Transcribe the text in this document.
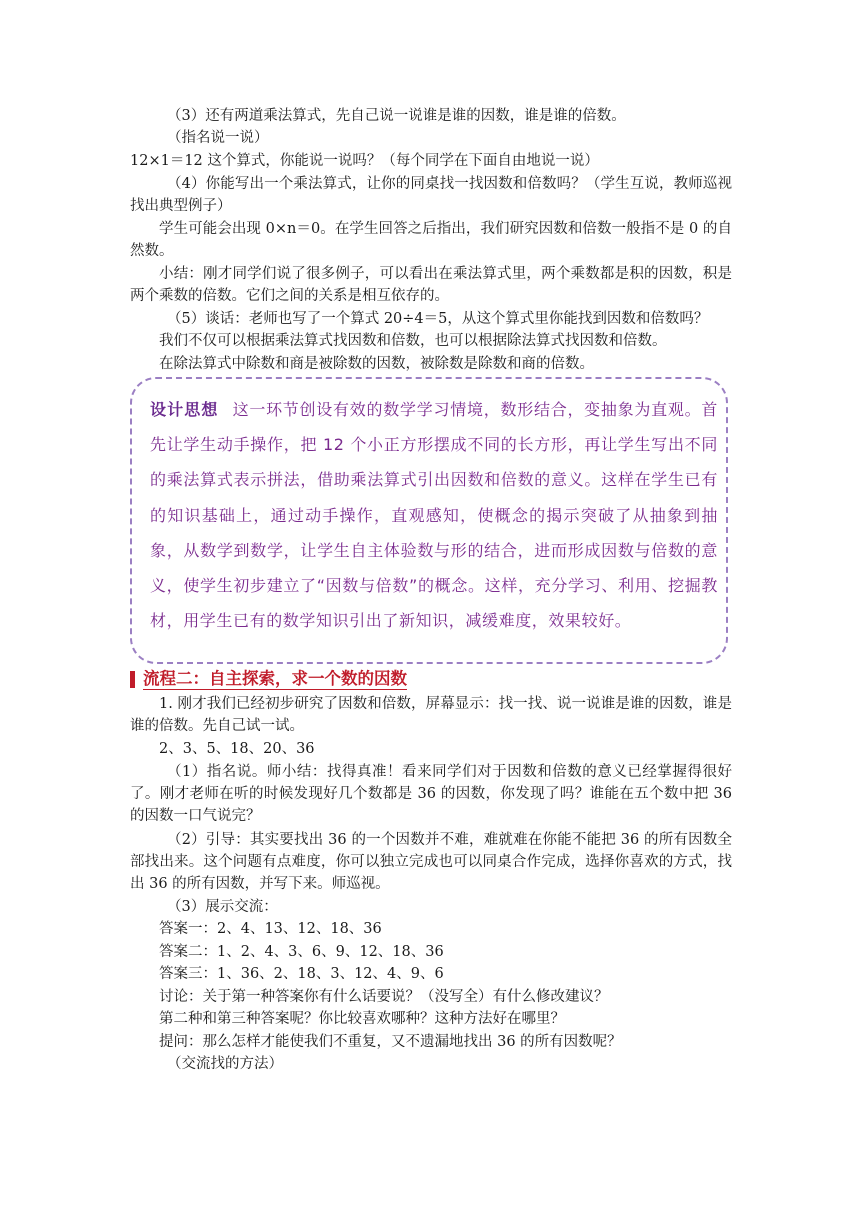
（3）还有两道乘法算式，先自己说一说谁是谁的因数，谁是谁的倍数。

（指名说一说）

12×1＝12 这个算式，你能说一说吗？（每个同学在下面自由地说一说）

（4）你能写出一个乘法算式，让你的同桌找一找因数和倍数吗？（学生互说，教师巡视找出典型例子）

学生可能会出现 0×n＝0。在学生回答之后指出，我们研究因数和倍数一般指不是 0 的自然数。

小结：刚才同学们说了很多例子，可以看出在乘法算式里，两个乘数都是积的因数，积是两个乘数的倍数。它们之间的关系是相互依存的。

（5）谈话：老师也写了一个算式 20÷4＝5，从这个算式里你能找到因数和倍数吗？

我们不仅可以根据乘法算式找因数和倍数，也可以根据除法算式找因数和倍数。

在除法算式中除数和商是被除数的因数，被除数是除数和商的倍数。

设计思想 这一环节创设有效的数学学习情境，数形结合，变抽象为直观。首先让学生动手操作，把 12 个小正方形摆成不同的长方形，再让学生写出不同的乘法算式表示拼法，借助乘法算式引出因数和倍数的意义。这样在学生已有的知识基础上，通过动手操作，直观感知，使概念的揭示突破了从抽象到抽象，从数学到数学，让学生自主体验数与形的结合，进而形成因数与倍数的意义，使学生初步建立了“因数与倍数”的概念。这样，充分学习、利用、挖掘教材，用学生已有的数学知识引出了新知识，减缓难度，效果较好。
流程二：自主探索，求一个数的因数

1. 刚才我们已经初步研究了因数和倍数，屏幕显示：找一找、说一说谁是谁的因数，谁是谁的倍数。先自己试一试。

2、3、5、18、20、36

（1）指名说。师小结：找得真准！看来同学们对于因数和倍数的意义已经掌握得很好了。刚才老师在听的时候发现好几个数都是 36 的因数，你发现了吗？谁能在五个数中把 36 的因数一口气说完？

（2）引导：其实要找出 36 的一个因数并不难，难就难在你能不能把 36 的所有因数全部找出来。这个问题有点难度，你可以独立完成也可以同桌合作完成，选择你喜欢的方式，找出 36 的所有因数，并写下来。师巡视。

（3）展示交流：

答案一：2、4、13、12、18、36

答案二：1、2、4、3、6、9、12、18、36

答案三：1、36、2、18、3、12、4、9、6

讨论：关于第一种答案你有什么话要说？（没写全）有什么修改建议？

第二种和第三种答案呢？你比较喜欢哪种？这种方法好在哪里？

提问：那么怎样才能使我们不重复，又不遗漏地找出 36 的所有因数呢？

（交流找的方法）
